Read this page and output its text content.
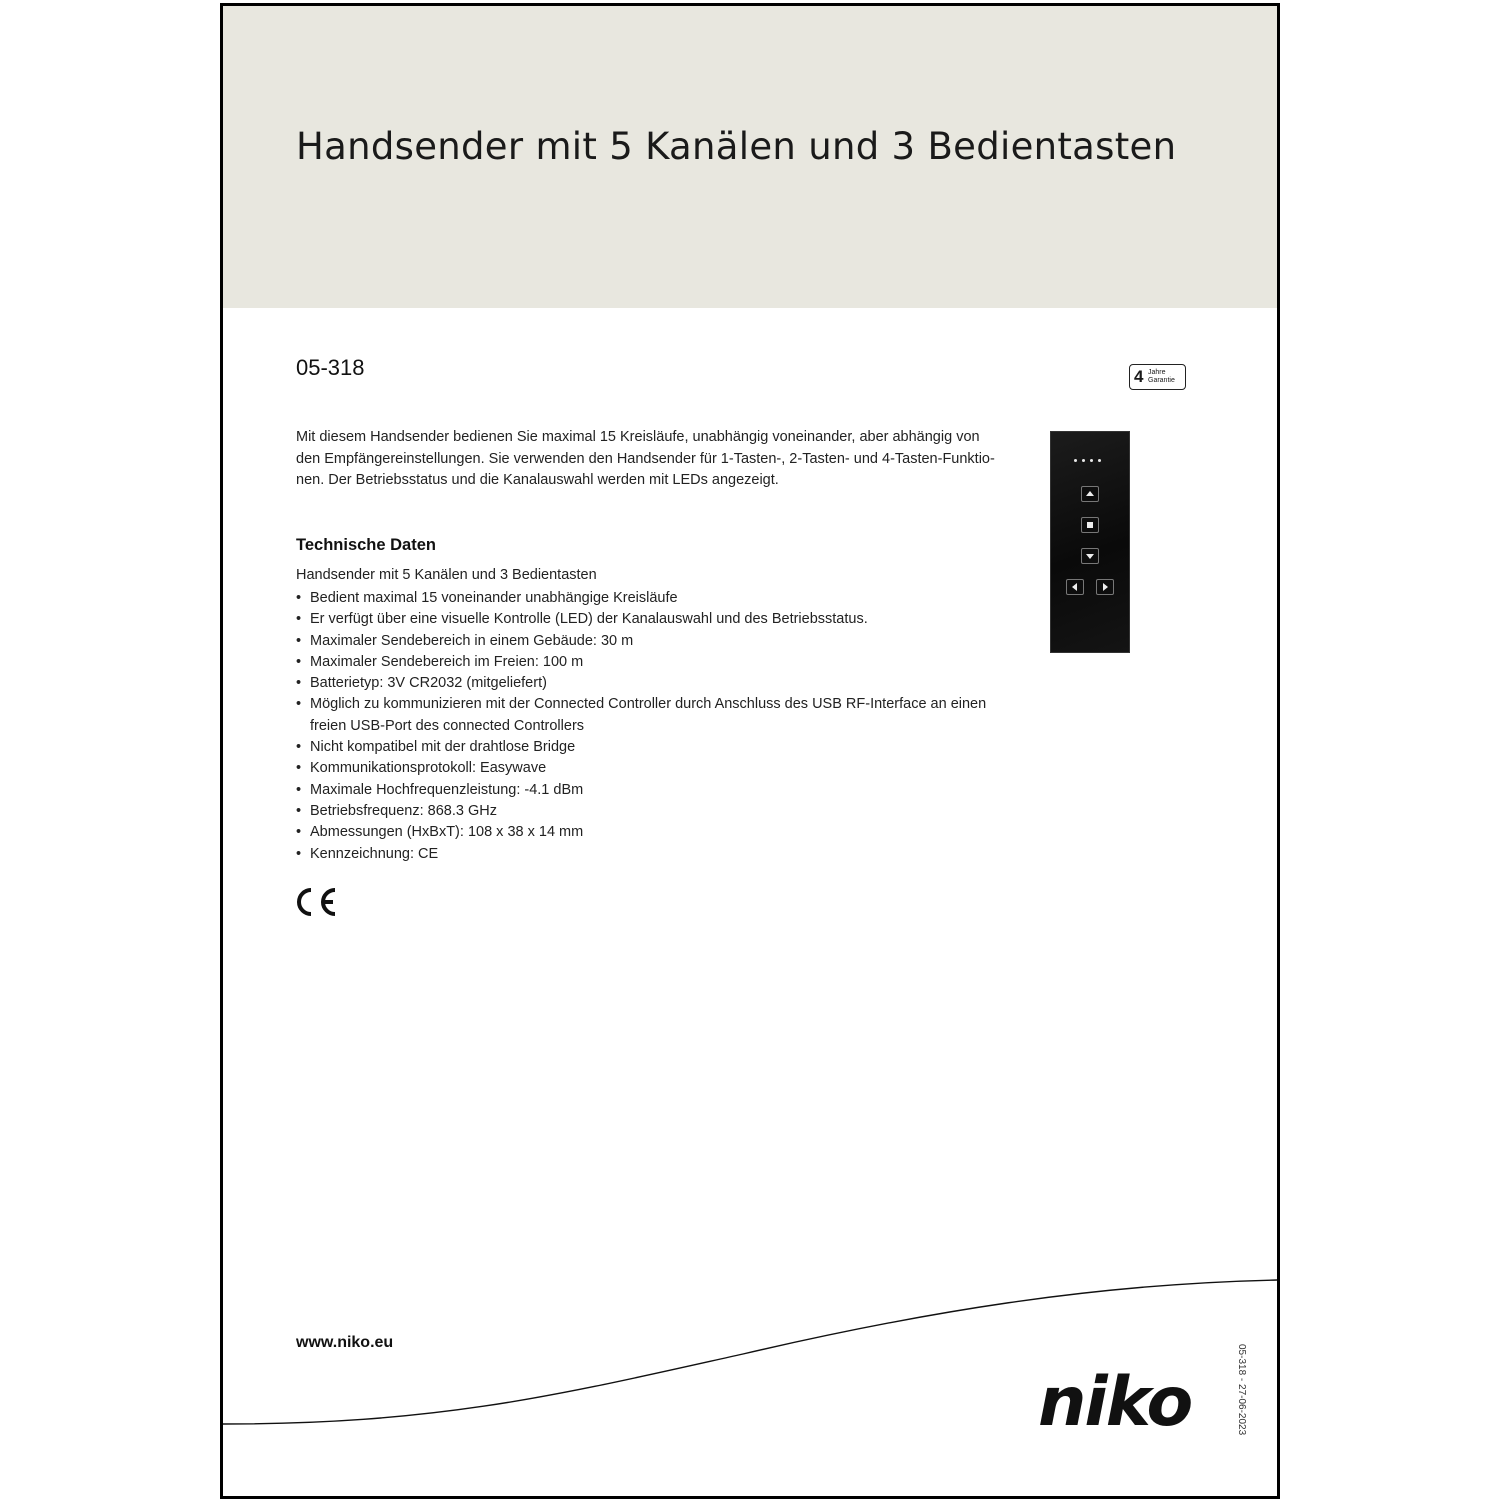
Handsender mit 5 Kanälen und 3 Bedientasten

05-318	4 Jahre
Garantie

Mit diesem Handsender bedienen Sie maximal 15 Kreisläufe, unabhängig voneinander, aber abhängig von
den Empfängereinstellungen. Sie verwenden den Handsender für 1-Tasten-, 2-Tasten- und 4-Tasten-Funktio-
nen. Der Betriebsstatus und die Kanalauswahl werden mit LEDs angezeigt.

Technische Daten

Handsender mit 5 Kanälen und 3 Bedientasten

• Bedient maximal 15 voneinander unabhängige Kreisläufe
• Er verfügt über eine visuelle Kontrolle (LED) der Kanalauswahl und des Betriebsstatus.
• Maximaler Sendebereich in einem Gebäude: 30 m
• Maximaler Sendebereich im Freien: 100 m
• Batterietyp: 3V CR2032 (mitgeliefert)
• Möglich zu kommunizieren mit der Connected Controller durch Anschluss des USB RF-Interface an einen
freien USB-Port des connected Controllers
• Nicht kompatibel mit der drahtlose Bridge
• Kommunikationsprotokoll: Easywave
• Maximale Hochfrequenzleistung: -4.1 dBm
• Betriebsfrequenz: 868.3 GHz
• Abmessungen (HxBxT): 108 x 38 x 14 mm
• Kennzeichnung: CE

www.niko.eu

niko	05-318 - 27-06-2023
